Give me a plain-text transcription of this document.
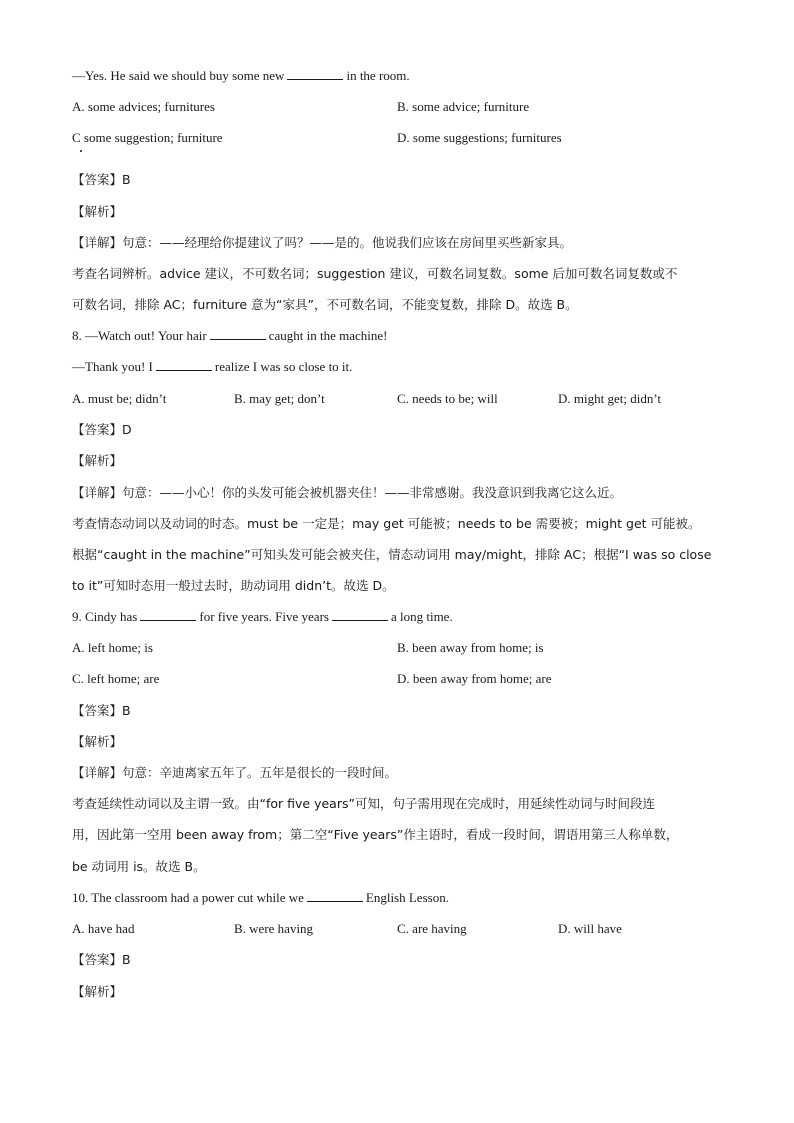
—Yes. He said we should buy some new	in the room.
A. some advices; furnitures	B. some advice; furniture
C some suggestion; furniture	D. some suggestions; furnitures
【答案】B
【解析】
【详解】句意：——经理给你提建议了吗？——是的。他说我们应该在房间里买些新家具。
考查名词辨析。advice 建议，不可数名词；suggestion 建议，可数名词复数。some 后加可数名词复数或不
可数名词，排除 AC；furniture 意为“家具”，不可数名词，不能变复数，排除 D。故选 B。
8. —Watch out! Your hair	caught in the machine!
—Thank you! I	realize I was so close to it.
A. must be; didn’t	B. may get; don’t	C. needs to be; will	D. might get; didn’t
【答案】D
【解析】
【详解】句意：——小心！你的头发可能会被机器夹住！——非常感谢。我没意识到我离它这么近。
考查情态动词以及动词的时态。must be 一定是；may get 可能被；needs to be 需要被；might get 可能被。
根据“caught in the machine”可知头发可能会被夹住，情态动词用 may/might，排除 AC；根据“I was so close
to it”可知时态用一般过去时，助动词用 didn’t。故选 D。
9. Cindy has	for five years. Five years	a long time.
A. left home; is	B. been away from home; is
C. left home; are	D. been away from home; are
【答案】B
【解析】
【详解】句意：辛迪离家五年了。五年是很长的一段时间。
考查延续性动词以及主谓一致。由“for five years”可知，句子需用现在完成时，用延续性动词与时间段连
用，因此第一空用 been away from；第二空“Five years”作主语时，看成一段时间，谓语用第三人称单数，
be 动词用 is。故选 B。
10. The classroom had a power cut while we	English Lesson.
A. have had	B. were having	C. are having	D. will have
【答案】B
【解析】
